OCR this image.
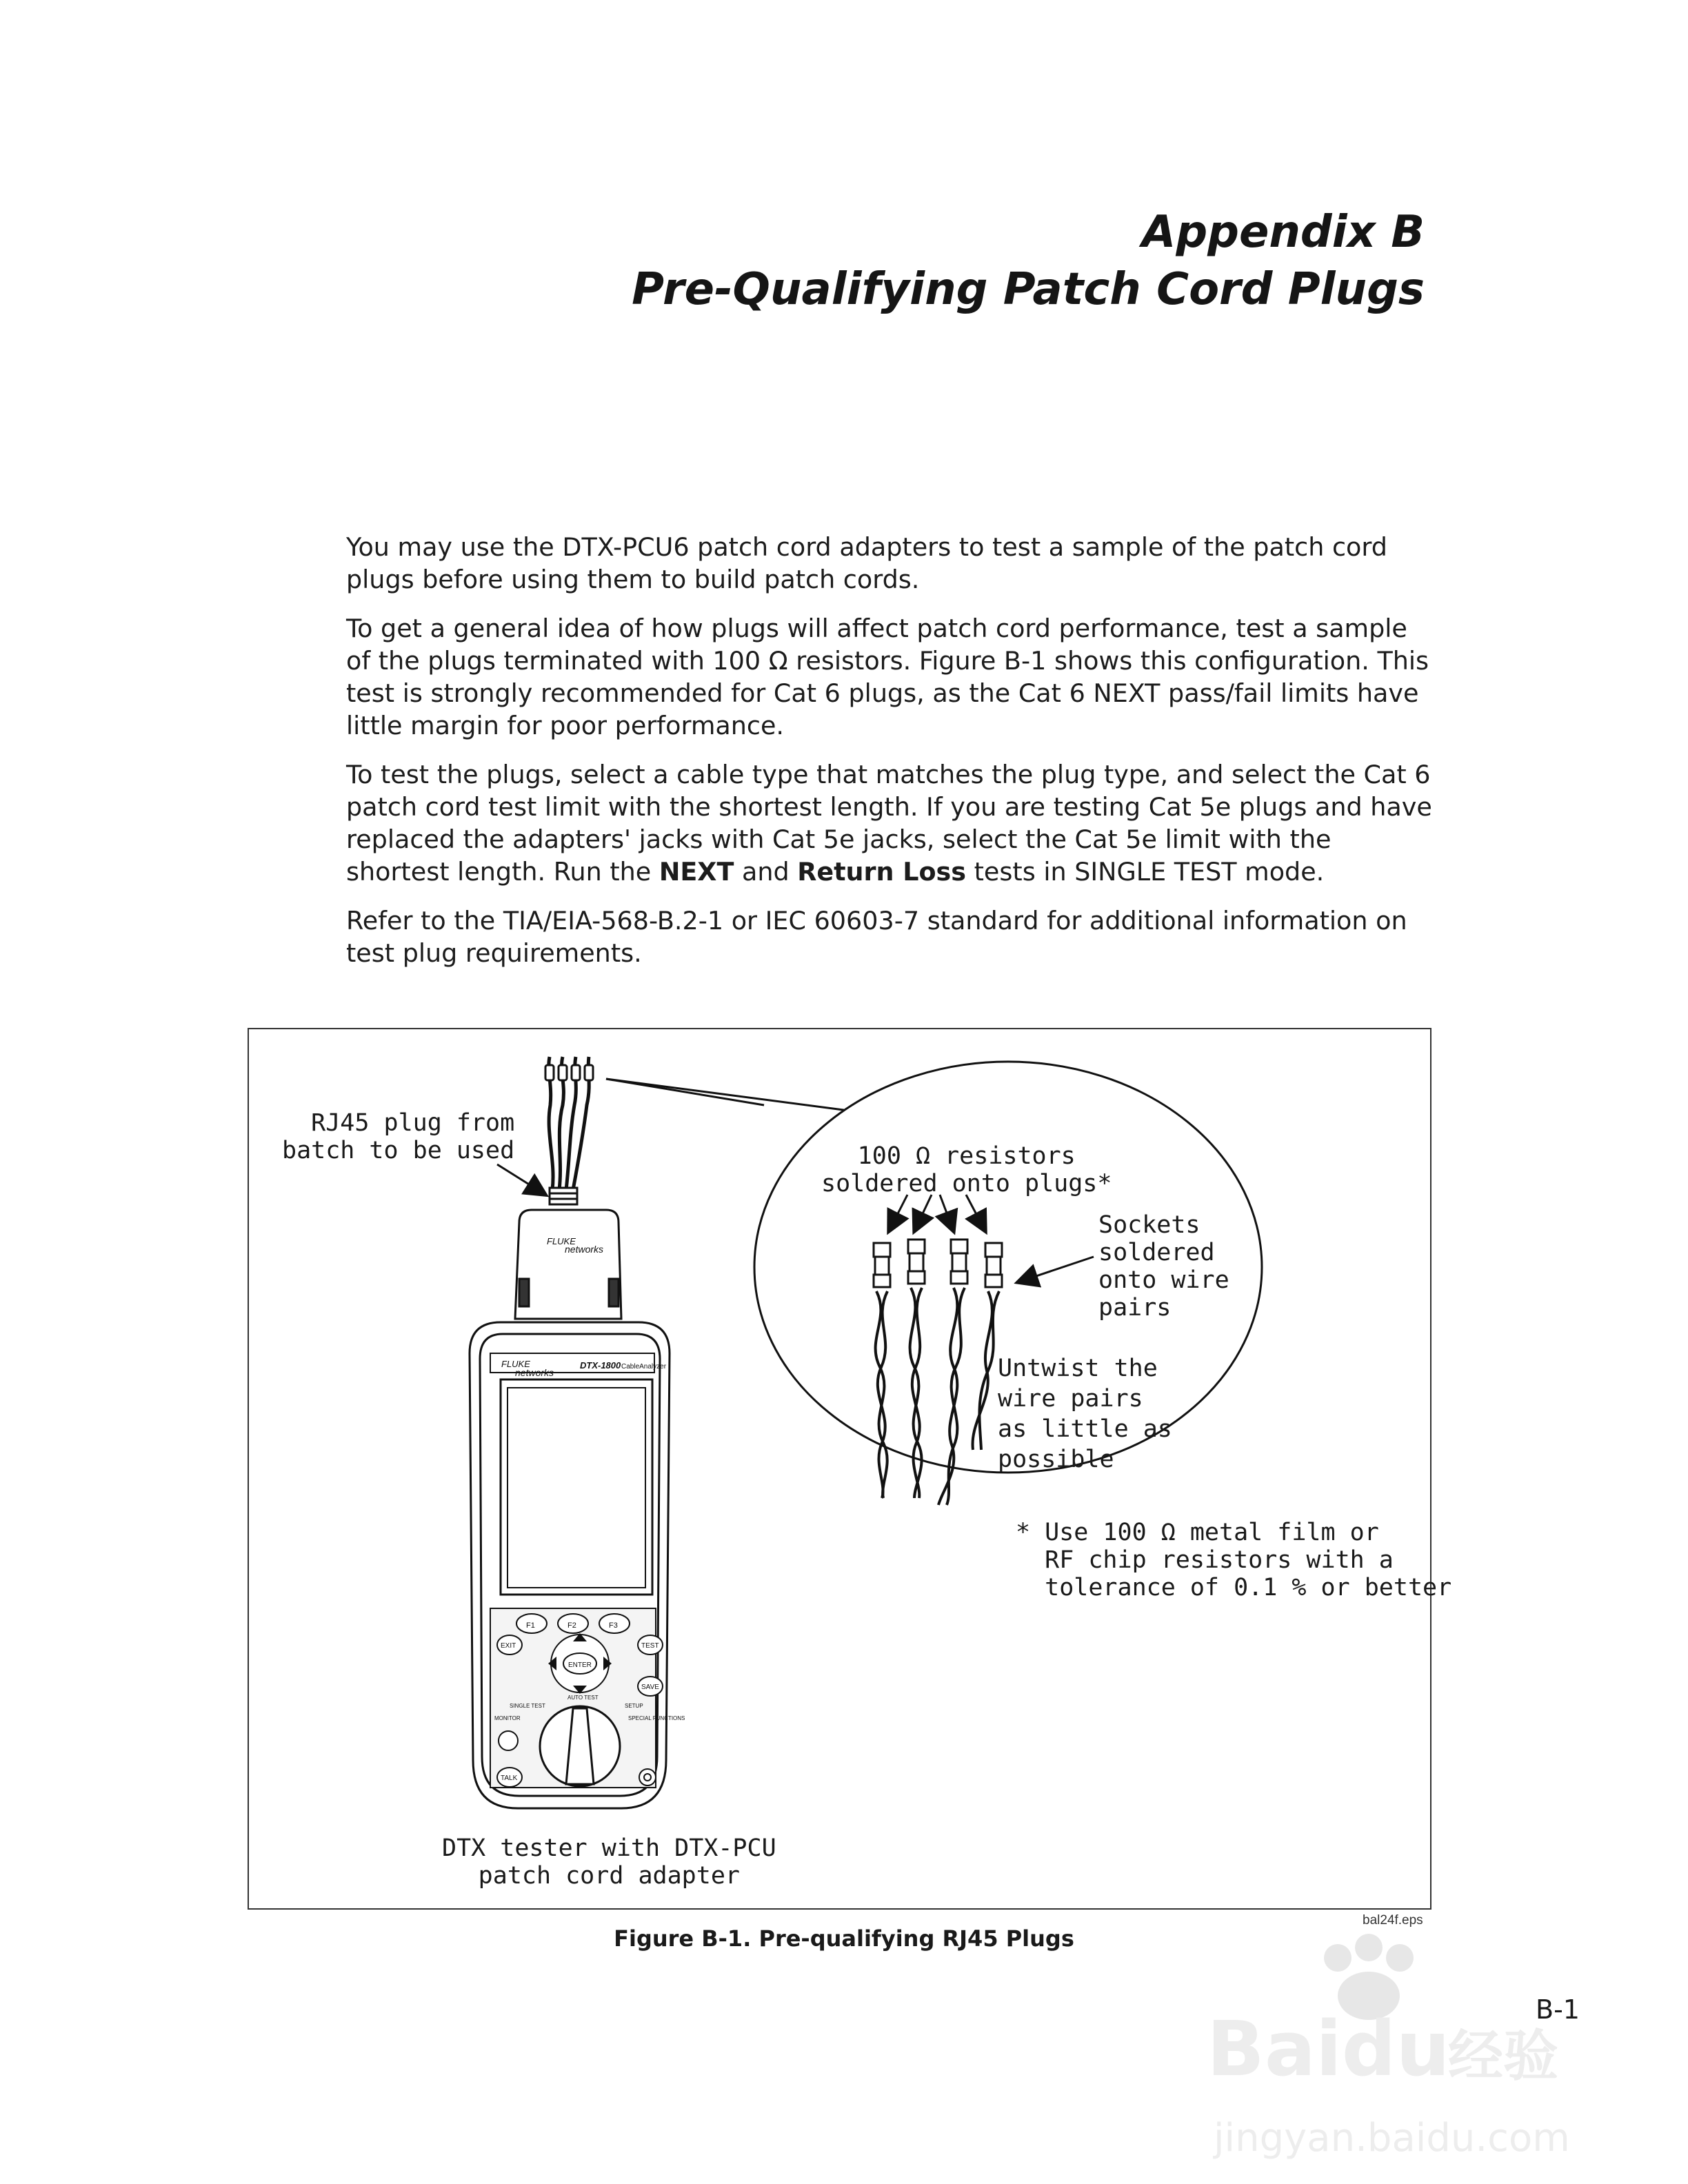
Appendix B
Pre-Qualifying Patch Cord Plugs

You may use the DTX-PCU6 patch cord adapters to test a sample of the patch cord plugs before using them to build patch cords.

To get a general idea of how plugs will affect patch cord performance, test a sample of the plugs terminated with 100 Ω resistors. Figure B-1 shows this configuration. This test is strongly recommended for Cat 6 plugs, as the Cat 6 NEXT pass/fail limits have little margin for poor performance.

To test the plugs, select a cable type that matches the plug type, and select the Cat 6 patch cord test limit with the shortest length. If you are testing Cat 5e plugs and have replaced the adapters' jacks with Cat 5e jacks, select the Cat 5e limit with the shortest length. Run the NEXT and Return Loss tests in SINGLE TEST mode.

Refer to the TIA/EIA-568-B.2-1 or IEC 60603-7 standard for additional information on test plug requirements.

FLUKE
networks
FLUKE
networks
DTX-1800 CableAnalyzer
F1	F2	F3
EXIT	TEST
SAVE
ENTER
SINGLE TEST
AUTO TEST
SETUP
MONITOR	SPECIAL FUNCTIONS
TALK
RJ45 plug from
batch to be used	100 Ω resistors
soldered onto plugs*
Sockets
soldered
onto wire
pairs
Untwist the
wire pairs
as little as
possible
* Use 100 Ω metal film or
RF chip resistors with a
tolerance of 0.1 % or better
DTX tester with DTX-PCU
patch cord adapter
bal24f.eps
Figure B-1. Pre-qualifying RJ45 Plugs
Baidu
经验
jingyan.baidu.com
B-1
